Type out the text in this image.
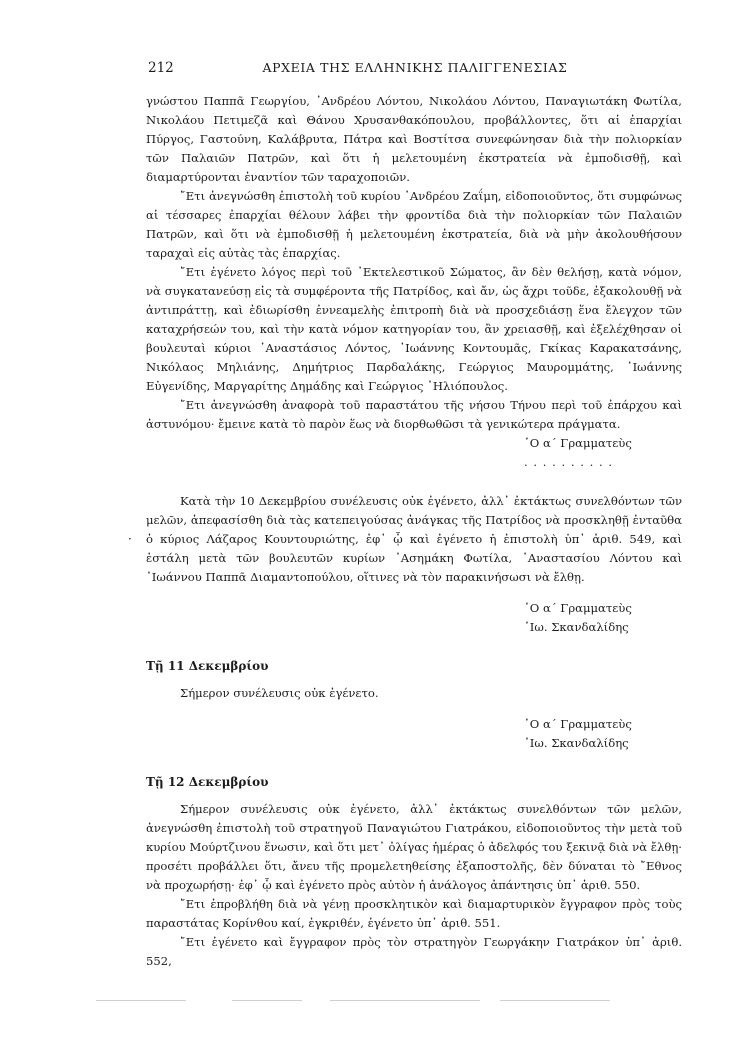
212	ΑΡΧΕΙΑ ΤΗΣ ΕΛΛΗΝΙΚΗΣ ΠΑΛΙΓΓΕΝΕΣΙΑΣ
·

γνώστου Παππᾶ Γεωργίου, ᾿Ανδρέου Λόντου, Νικολάου Λόντου, Παναγιωτάκη Φωτίλα, Νικολάου Πετιμεζᾶ καὶ Θάνου Χρυσανθακόπουλου, προβάλλοντες, ὅτι αἱ ἐπαρχίαι Πύργος, Γαστούνη, Καλάβρυτα, Πάτρα καὶ Βοστίτσα συνεφώνησαν διὰ τὴν πολιορκίαν τῶν Παλαιῶν Πατρῶν, καὶ ὅτι ἡ μελετουμένη ἐκστρατεία νὰ ἐμποδισθῇ, καὶ διαμαρτύρονται ἐναντίον τῶν ταραχοποιῶν.

῎Ετι ἀνεγνώσθη ἐπιστολὴ τοῦ κυρίου ᾿Ανδρέου Ζαΐμη, εἰδοποιοῦντος, ὅτι συμφώνως αἱ τέσσαρες ἐπαρχίαι θέλουν λάβει τὴν φροντίδα διὰ τὴν πολιορκίαν τῶν Παλαιῶν Πατρῶν, καὶ ὅτι νὰ ἐμποδισθῇ ἡ μελετουμένη ἐκστρατεία, διὰ νὰ μὴν ἀκολουθήσουν ταραχαὶ εἰς αὐτὰς τὰς ἐπαρχίας.

῎Ετι ἐγένετο λόγος περὶ τοῦ ᾿Εκτελεστικοῦ Σώματος, ἂν δὲν θελήσῃ, κατὰ νόμον, νὰ συγκατανεύσῃ εἰς τὰ συμφέροντα τῆς Πατρίδος, καὶ ἄν, ὡς ἄχρι τοῦδε, ἐξακολουθῇ νὰ ἀντιπράττῃ, καὶ ἐδιωρίσθη ἐννεαμελὴς ἐπιτροπὴ διὰ νὰ προσχεδιάσῃ ἕνα ἔλεγχον τῶν καταχρήσεών του, καὶ τὴν κατὰ νόμον κατηγορίαν του, ἂν χρειασθῇ, καὶ ἐξελέχθησαν οἱ βουλευταὶ κύριοι ᾿Αναστάσιος Λόντος, ᾿Ιωάννης Κοντουμᾶς, Γκίκας Καρακατσάνης, Νικόλαος Μηλιάνης, Δημήτριος Παρδαλάκης, Γεώργιος Μαυρομμάτης, ᾿Ιωάννης Εὐγενίδης, Μαργαρίτης Δημάδης καὶ Γεώργιος ᾿Ηλιόπουλος.

῎Ετι ἀνεγνώσθη ἀναφορὰ τοῦ παραστάτου τῆς νήσου Τήνου περὶ τοῦ ἐπάρχου καὶ ἀστυνόμου· ἔμεινε κατὰ τὸ παρὸν ἕως νὰ διορθωθῶσι τὰ γενικώτερα πράγματα.

῾Ο α΄ Γραμματεὺς

. . . . . . . . . .

Κατὰ τὴν 10 Δεκεμβρίου συνέλευσις οὐκ ἐγένετο, ἀλλ᾿ ἐκτάκτως συνελθόντων τῶν μελῶν, ἀπεφασίσθη διὰ τὰς κατεπειγούσας ἀνάγκας τῆς Πατρίδος νὰ προσκληθῇ ἐνταῦθα ὁ κύριος Λάζαρος Κουντουριώτης, ἐφ᾿ ᾧ καὶ ἐγένετο ἡ ἐπιστολὴ ὑπ᾿ ἀριθ. 549, καὶ ἐστάλη μετὰ τῶν βουλευτῶν κυρίων ᾿Ασημάκη Φωτίλα, ᾿Αναστασίου Λόντου καὶ ᾿Ιωάννου Παππᾶ Διαμαντοπούλου, οἵτινες νὰ τὸν παρακινήσωσι νὰ ἔλθῃ.

῾Ο α΄ Γραμματεὺς

᾿Ιω. Σκανδαλίδης

Τῇ 11 Δεκεμβρίου

Σήμερον συνέλευσις οὐκ ἐγένετο.

῾Ο α΄ Γραμματεὺς

᾿Ιω. Σκανδαλίδης

Τῇ 12 Δεκεμβρίου

Σήμερον συνέλευσις οὐκ ἐγένετο, ἀλλ᾿ ἐκτάκτως συνελθόντων τῶν μελῶν, ἀνεγνώσθη ἐπιστολὴ τοῦ στρατηγοῦ Παναγιώτου Γιατράκου, εἰδοποιοῦντος τὴν μετὰ τοῦ κυρίου Μούρτζινου ἕνωσιν, καὶ ὅτι μετ᾿ ὀλίγας ἡμέρας ὁ ἀδελφός του ξεκινᾷ διὰ νὰ ἔλθῃ· προσέτι προβάλλει ὅτι, ἄνευ τῆς προμελετηθείσης ἐξαποστολῆς, δὲν δύναται τὸ ῎Εθνος νὰ προχωρήσῃ· ἐφ᾿ ᾧ καὶ ἐγένετο πρὸς αὐτὸν ἡ ἀνάλογος ἀπάντησις ὑπ᾿ ἀριθ. 550.

῎Ετι ἐπροβλήθη διὰ νὰ γένῃ προσκλητικὸν καὶ διαμαρτυρικὸν ἔγγραφον πρὸς τοὺς παραστάτας Κορίνθου καί, ἐγκριθέν, ἐγένετο ὑπ᾿ ἀριθ. 551.

῎Ετι ἐγένετο καὶ ἔγγραφον πρὸς τὸν στρατηγὸν Γεωργάκην Γιατράκον ὑπ᾿ ἀριθ. 552,
